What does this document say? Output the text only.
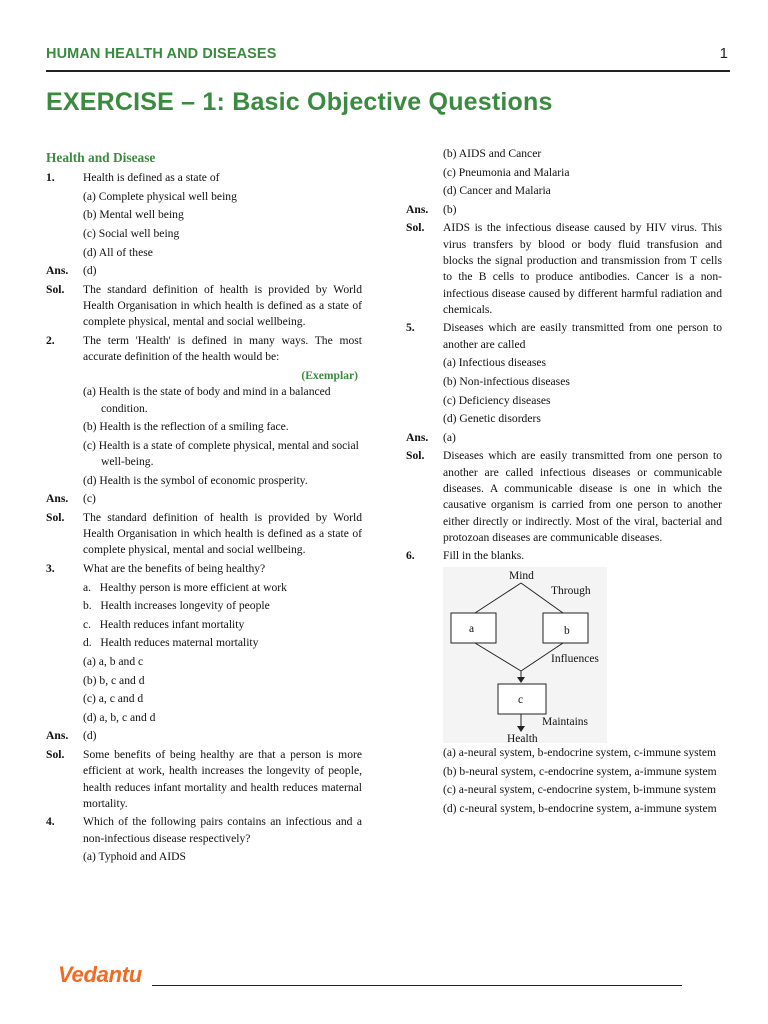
HUMAN HEALTH AND DISEASES	1
EXERCISE – 1: Basic Objective Questions
Health and Disease
1.	Health is defined as a state of
(a) Complete physical well being
(b) Mental well being
(c) Social well being
(d) All of these
Ans.	(d)
Sol.	The standard definition of health is provided by World Health Organisation in which health is defined as a state of complete physical, mental and social wellbeing.
2.	The term 'Health' is defined in many ways. The most accurate definition of the health would be:
(Exemplar)
(a) Health is the state of body and mind in a balanced condition.
(b) Health is the reflection of a smiling face.
(c) Health is a state of complete physical, mental and social well-being.
(d) Health is the symbol of economic prosperity.
Ans.	(c)
Sol.	The standard definition of health is provided by World Health Organisation in which health is defined as a state of complete physical, mental and social wellbeing.
3.	What are the benefits of being healthy?
a.   Healthy person is more efficient at work
b.   Health increases longevity of people
c.   Health reduces infant mortality
d.   Health reduces maternal mortality
(a) a, b and c
(b) b, c and d
(c) a, c and d
(d) a, b, c and d
Ans.	(d)
Sol.	Some benefits of being healthy are that a person is more efficient at work, health increases the longevity of people, health reduces infant mortality and health reduces maternal mortality.
4.	Which of the following pairs contains an infectious and a non-infectious disease respectively?
(a) Typhoid and AIDS
(b) AIDS and Cancer
(c) Pneumonia and Malaria
(d) Cancer and Malaria
Ans.	(b)
Sol.	AIDS is the infectious disease caused by HIV virus. This virus transfers by blood or body fluid transfusion and blocks the signal production and transmission from T cells to the B cells to produce antibodies. Cancer is a non-infectious disease caused by different harmful radiation and chemicals.
5.	Diseases which are easily transmitted from one person to another are called
(a) Infectious diseases
(b) Non-infectious diseases
(c) Deficiency diseases
(d) Genetic disorders
Ans.	(a)
Sol.	Diseases which are easily transmitted from one person to another are called infectious diseases or communicable diseases. A communicable disease is one in which the causative organism is carried from one person to another either directly or indirectly. Most of the viral, bacterial and protozoan diseases are communicable diseases.
6.	Fill in the blanks.
Mind
Through
a	b
Influences
c
Maintains
Health
(a) a-neural system, b-endocrine system, c-immune system
(b) b-neural system, c-endocrine system, a-immune system
(c) a-neural system, c-endocrine system, b-immune system
(d) c-neural system, b-endocrine system, a-immune system
Vedantu
